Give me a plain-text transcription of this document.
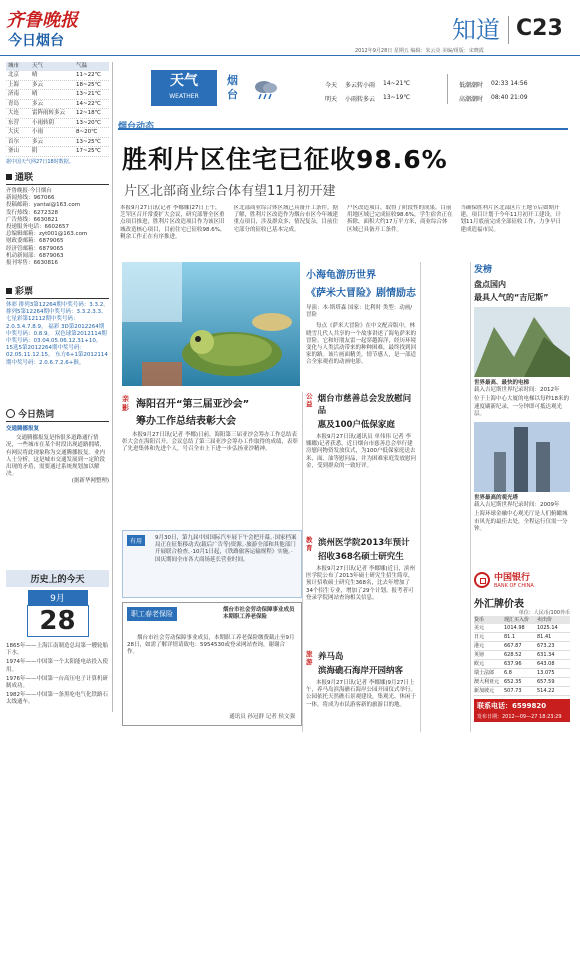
齐鲁晚报
今日烟台	知道 C23
2012年9月28日 星期五 编辑：朱云亮 美编/组版：宋晓霞
城市	天气	气温
北京	晴	11~22℃
上海	多云	18~25℃
济南	晴	13~21℃
青岛	多云	14~22℃
大连	雷阵雨转多云	12~18℃
东营	小雨转阴	13~20℃
大庆	小雨	8~20℃
首尔	多云	13~25℃
釜山	阴	17~25℃
据中国天气网27日18时数据。
通联
齐鲁晚报·今日烟台
新闻热线：967066
投稿邮箱：yantai@163.com
发行热线：6272328
广告热线：6630821
投递服务电话：6602657
总编辑邮箱：zyt001@163.com
财政委邮箱：6879065
经济管邮箱：6879065
机动新闻部：6879063
报刊零售：6630816
彩票
体彩 排列3第12264期中奖号码：3.3.2。排列5第12264期中奖号码：3.3.2.3.3。 七星彩第12112期中奖号码：2.0.3.4.7.8.9。 福彩 3D第2012264期中奖号码：0.8.9。 双色球第2012114期中奖号码：03.04.05.06.12.31+10。 15选5第2012264期中奖号码：02.05.11.12.15。 东方6+1第2012114期中奖号码：2.0.6.7.2.6+猴。
今日热词
交通腾挪报复
交通腾挪报复是指很多道路通行情况，一些城市在某个时段出现道路拥堵，有网民将此现象称为交通腾挪报复。业内人士分析，这是城市交通发展到一定阶段出现的矛盾，需要通过系统规划加以解决。
(据新华网整理)
历史上的今天
9月
28
1865年——上海江南制造总局第一艘轮船下水。
1974年——中国第一个太阳能电站投入使用。
1976年——中国第一台高压电子计算机研制成功。
1982年——中国第一条黑吃电气化铁路石太线通车。
天气
WEATHER
烟台
今天 多云转小雨 14~21℃
明天 小雨转多云 13~19℃
低潮潮时 02:33 14:56
高潮潮时 08:40 21:09
烟台动态
胜利片区住宅已征收98.6%
片区北部商业综合体有望11月初开建
本报9月27日讯(记者 李娜娜)27日上午，芝罘区召开常委扩大会议，研究部署全区重点项目推进，胜利片区改造项目作为该区旧城改造核心项目，目前住宅已征收98.6%，剩余工作正在有序推进。
区北部商业综合体区域已具备开工条件。据了解，胜利片区改造作为烟台市区今年城建重点项目，涉及群众多、情况复杂，目前住宅部分的征收已基本完成。
户区改造项目，取得了阶段性的成果。目前用地区域已完成征收98.6%，学生宿舍正在拆除，面积大约17万平方米，商业综合体区域已具备开工条件。
当确保胜利片区北部区片土地节后如期开建，项目计划于今年11月初开工建设，计划11月底前完成全部征收工作，力争早日建成造福市民。
小海龟游历世界
《萨米大冒险》剧情励志
导演：本·斯塔森 国家：比利时 类型：动画/冒险
每点《萨米大冒险》在中文配音版中，林晓雪几代人共享的一个故事讲述了海龟萨米的冒险。它和好朋友雷一起穿越海洋，经历环境变化与人类活动带来的种种困难，最终找到回家的路。该片画面精美，情节感人，是一部适合全家观看的动画电影。
亲影 海阳召开“第三届亚沙会”
筹办工作总结表彰大会
本报9月27日讯(记者 李娜)日前，海阳第三届亚沙会筹办工作总结表彰大会在海阳召开。会议总结了第三届亚沙会筹办工作取得的成绩，表彰了先进集体和先进个人，号召全市上下进一步弘扬亚沙精神。
有用	9月30日，第九届中国国际汽车展下午会把开幕。·国家档案局正在征集移动式(载后广告等)资源。·旅游全部和其他部门开展联合检查。·10月1日起，《铁路旅客运输规程》实施。·国庆期间全市各大商场延长营业时间。
职工春老保险	烟台市社会劳动保障事业成员本期职工养老保险
烟台市社会劳动保障事业成员，本期职工养老保险缴费截止至9月28日，如需了解详情请致电：5954530或登录网站查询，谢谢合作。
通讯员 孙冠群 记者 侯文强
公益 烟台市慈善总会发放慰问品
惠及100户低保家庭
本报9月27日讯(通讯员 单伟伟 记者 李娜娜)记者获悉，近日烟台市慈善总会举行建房慰问物资发放仪式，为100户低保家庭送去米、面、油等慰问品，并为困难家庭发放慰问金，受到群众的一致好评。
教育 滨州医学院2013年预计
招收368名硕士研究生
本报9月27日讯(记者 李娜娜)近日，滨州医学院公布了2013年硕士研究生招生简章，预计招收硕士研究生368名，比去年增加了34个招生专业，增加了29个计划。报考者可登录学院网站查询相关信息。
旅游 养马岛
滨海礁石海岸开园纳客
本报9月27日讯(记者 李娜娜)9月27日上午，养马岛滨海礁石海岸公园开园仪式举行。公园依托天然礁石景观建设，集观光、休闲于一体，将成为市民游客新的旅游目的地。
发榜
盘点国内
最具人气的“吉尼斯”
世界最高、最快的电梯
载入吉尼斯世界纪录时间：2012年
位于上海中心大厦的电梯以每秒18米的速度刷新纪录，一分钟即可抵达观光层。
世界最高的观光塔
载入吉尼斯世界纪录时间：2009年
上海环球金融中心观光厅是人们俯瞰城市风光的最佳去处，全程运行仅需一分钟。
中国银行
BANK OF CHINA
外汇牌价表
单位：人民币/100外币
货币	现汇买入价	卖出价
美元	1014.98	1025.14
日元	81.1	81.41
港元	667.87	673.23
英镑	628.52	631.34
欧元	637.96	643.08
瑞士法郎	6.8	13.075
澳大利亚元 652.35	657.59
新加坡元	507.73	514.22
联系电话：6599820
发布日期：2012—09—27 18:23:29
